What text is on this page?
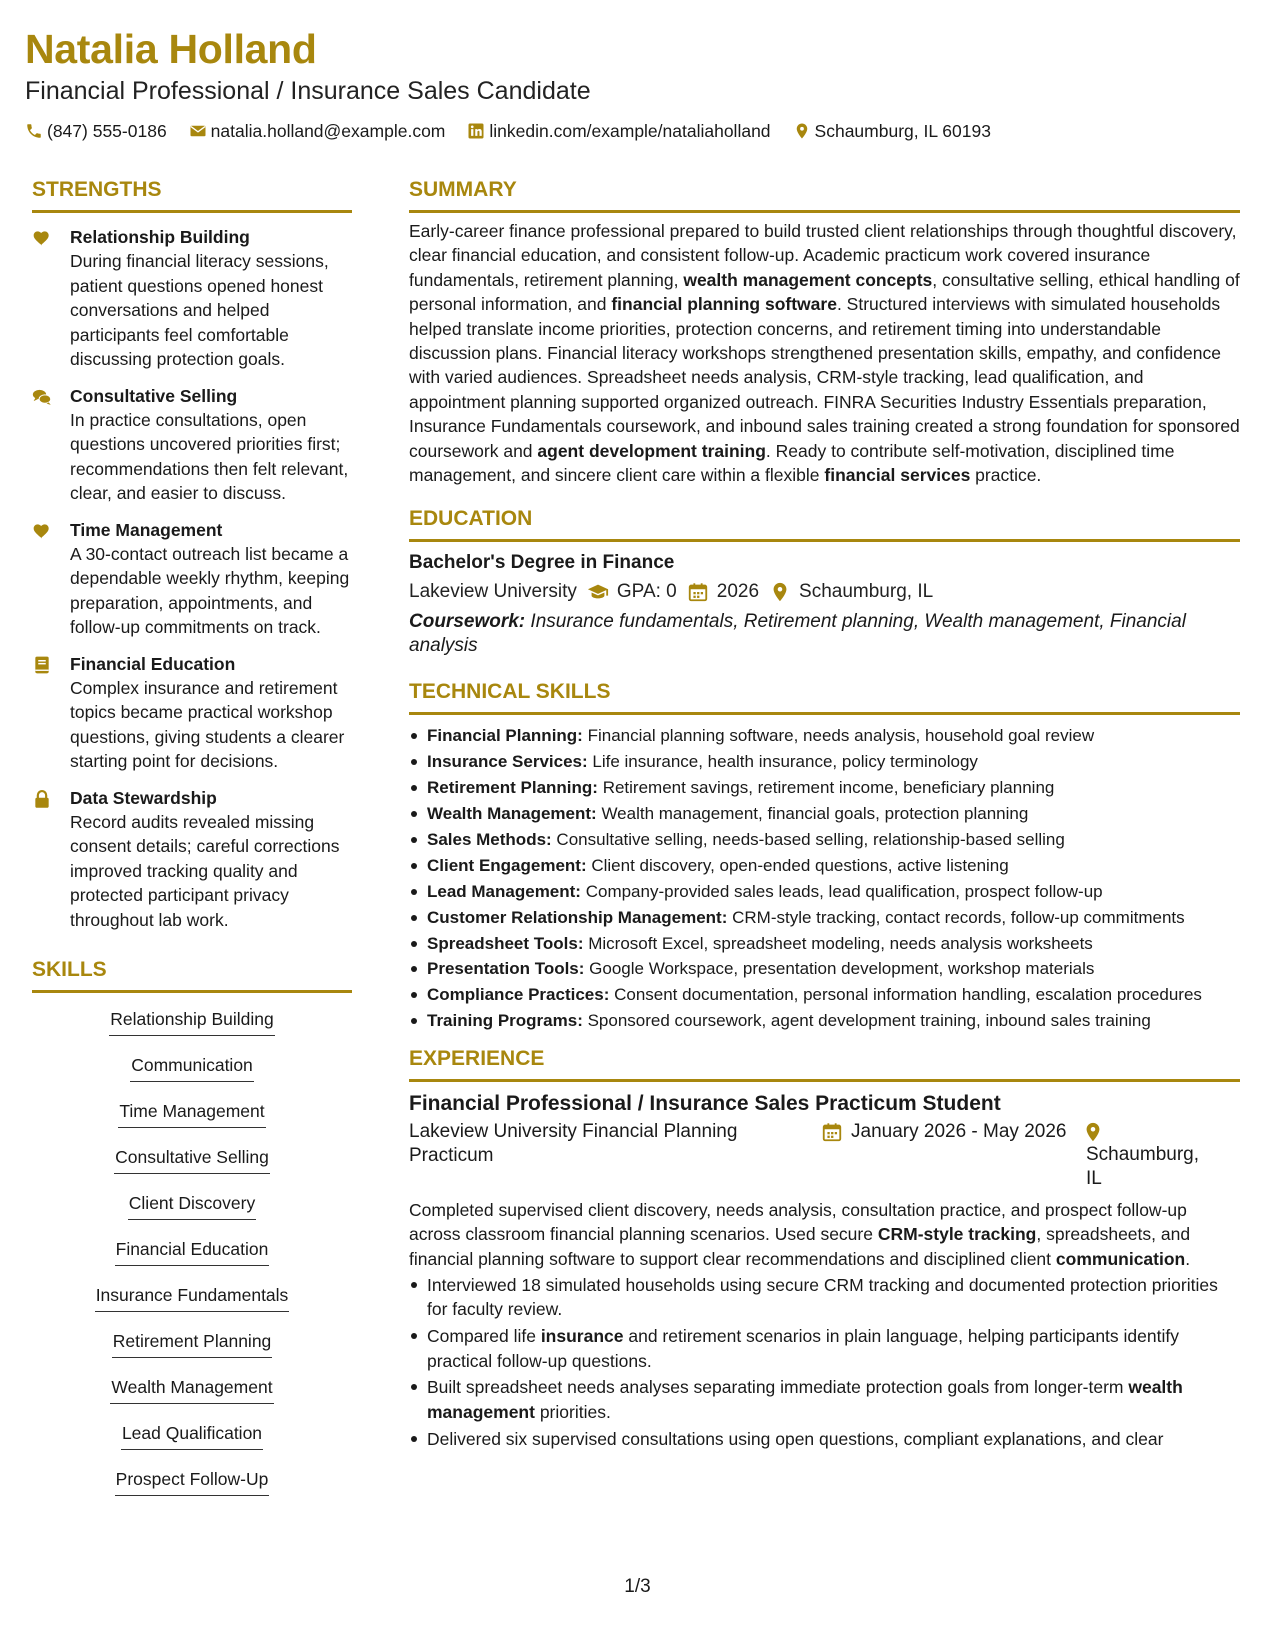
Natalia Holland
Financial Professional / Insurance Sales Candidate
(847) 555-0186	natalia.holland@example.com	linkedin.com/example/nataliaholland	Schaumburg, IL 60193
STRENGTHS
Relationship Building
During financial literacy sessions, patient questions opened honest conversations and helped participants feel comfortable discussing protection goals.
Consultative Selling
In practice consultations, open questions uncovered priorities first; recommendations then felt relevant, clear, and easier to discuss.
Time Management
A 30-contact outreach list became a dependable weekly rhythm, keeping preparation, appointments, and follow-up commitments on track.
Financial Education
Complex insurance and retirement topics became practical workshop questions, giving students a clearer starting point for decisions.
Data Stewardship
Record audits revealed missing consent details; careful corrections improved tracking quality and protected participant privacy throughout lab work.
SKILLS
Relationship Building
Communication
Time Management
Consultative Selling
Client Discovery
Financial Education
Insurance Fundamentals
Retirement Planning
Wealth Management
Lead Qualification
Prospect Follow-Up
SUMMARY
Early-career finance professional prepared to build trusted client relationships through thoughtful discovery, clear financial education, and consistent follow-up. Academic practicum work covered insurance fundamentals, retirement planning, wealth management concepts, consultative selling, ethical handling of personal information, and financial planning software. Structured interviews with simulated households helped translate income priorities, protection concerns, and retirement timing into understandable discussion plans. Financial literacy workshops strengthened presentation skills, empathy, and confidence with varied audiences. Spreadsheet needs analysis, CRM-style tracking, lead qualification, and appointment planning supported organized outreach. FINRA Securities Industry Essentials preparation, Insurance Fundamentals coursework, and inbound sales training created a strong foundation for sponsored coursework and agent development training. Ready to contribute self-motivation, disciplined time management, and sincere client care within a flexible financial services practice.
EDUCATION
Bachelor's Degree in Finance
Lakeview University GPA: 0 2026 Schaumburg, IL
Coursework: Insurance fundamentals, Retirement planning, Wealth management, Financial analysis
TECHNICAL SKILLS
Financial Planning: Financial planning software, needs analysis, household goal review
Insurance Services: Life insurance, health insurance, policy terminology
Retirement Planning: Retirement savings, retirement income, beneficiary planning
Wealth Management: Wealth management, financial goals, protection planning
Sales Methods: Consultative selling, needs-based selling, relationship-based selling
Client Engagement: Client discovery, open-ended questions, active listening
Lead Management: Company-provided sales leads, lead qualification, prospect follow-up
Customer Relationship Management: CRM-style tracking, contact records, follow-up commitments
Spreadsheet Tools: Microsoft Excel, spreadsheet modeling, needs analysis worksheets
Presentation Tools: Google Workspace, presentation development, workshop materials
Compliance Practices: Consent documentation, personal information handling, escalation procedures
Training Programs: Sponsored coursework, agent development training, inbound sales training
EXPERIENCE
Financial Professional / Insurance Sales Practicum Student
Lakeview University Financial Planning Practicum
January 2026 - May 2026
Schaumburg, IL
Completed supervised client discovery, needs analysis, consultation practice, and prospect follow-up across classroom financial planning scenarios. Used secure CRM-style tracking, spreadsheets, and financial planning software to support clear recommendations and disciplined client communication.
Interviewed 18 simulated households using secure CRM tracking and documented protection priorities for faculty review.
Compared life insurance and retirement scenarios in plain language, helping participants identify practical follow-up questions.
Built spreadsheet needs analyses separating immediate protection goals from longer-term wealth management priorities.
Delivered six supervised consultations using open questions, compliant explanations, and clear
1/3
